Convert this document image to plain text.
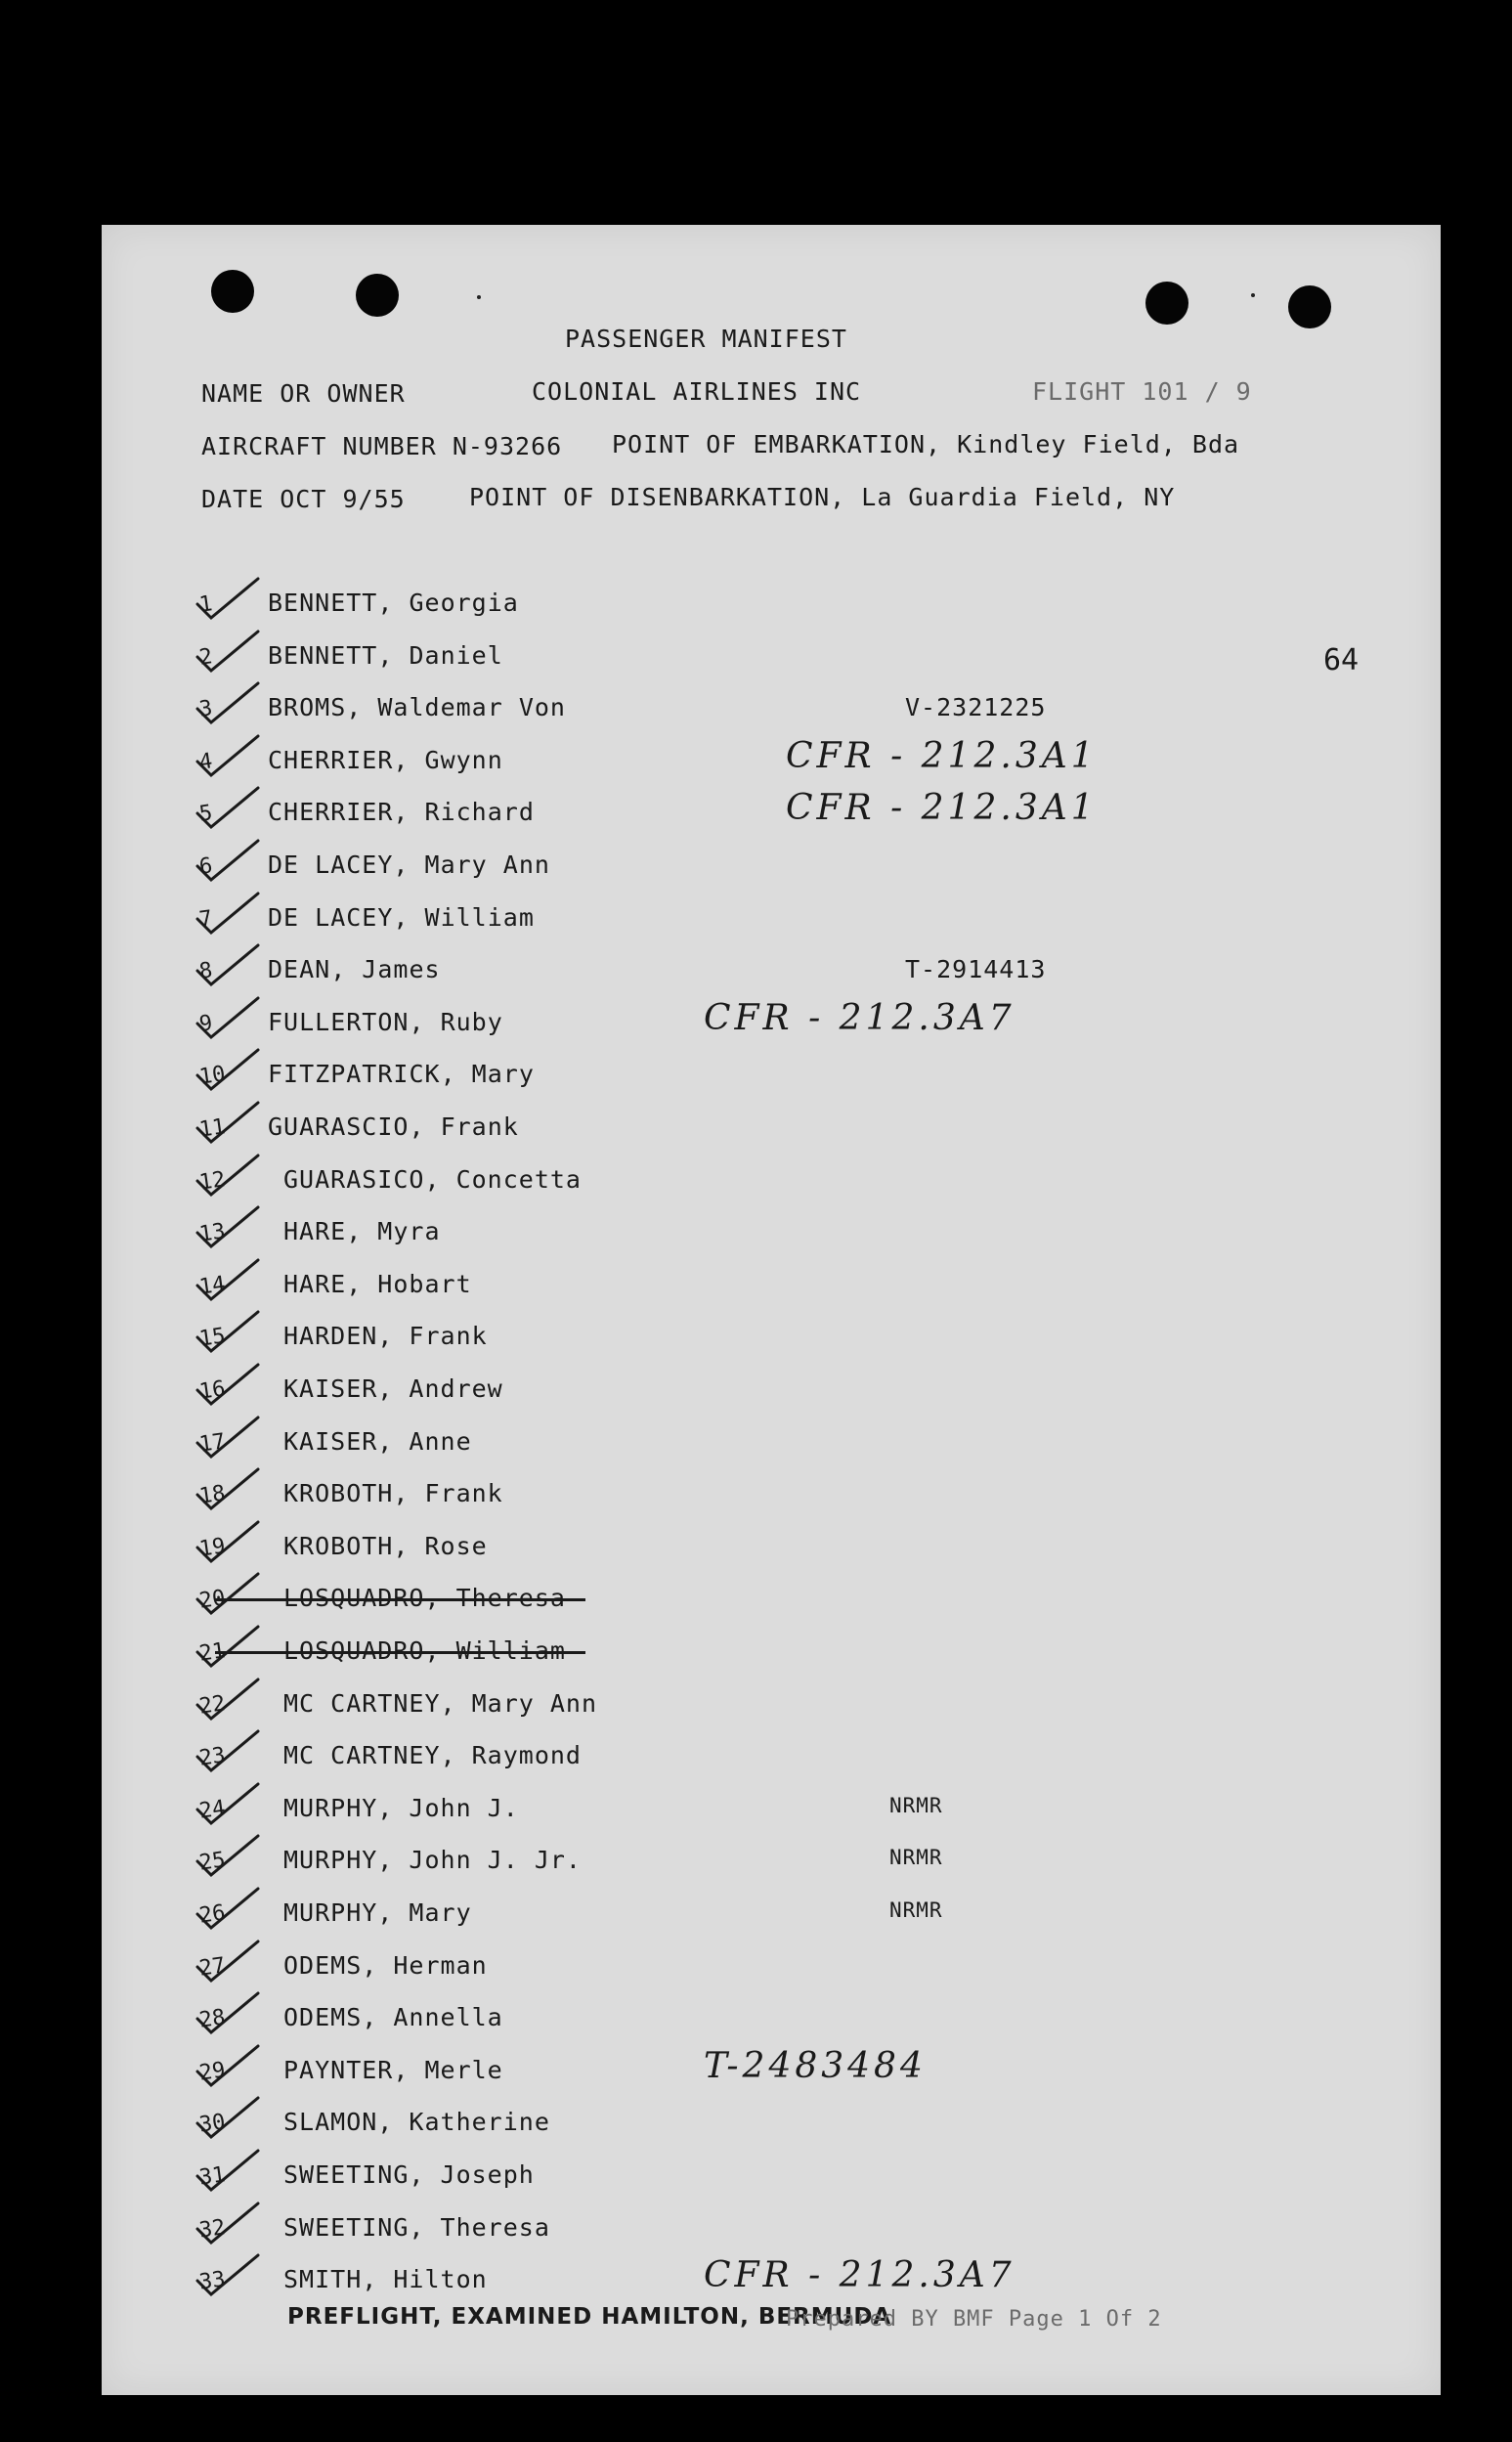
PASSENGER MANIFEST
NAME OR OWNER	COLONIAL AIRLINES INC	FLIGHT 101 / 9
AIRCRAFT NUMBER N-93266 POINT OF EMBARKATION, Kindley Field, Bda
DATE OCT 9/55	POINT OF DISENBARKATION, La Guardia Field, NY
64
1 BENNETT, Georgia
2 BENNETT, Daniel
3 BROMS, Waldemar Von	V-2321225
4 CHERRIER, Gwynn	CFR - 212.3A1
5 CHERRIER, Richard	CFR - 212.3A1
6 DE LACEY, Mary Ann
7 DE LACEY, William
8 DEAN, James	T-2914413
9 FULLERTON, Ruby	CFR - 212.3A7
10 FITZPATRICK, Mary
11 GUARASCIO, Frank
12 GUARASICO, Concetta
13 HARE, Myra
14 HARE, Hobart
15 HARDEN, Frank
16 KAISER, Andrew
17 KAISER, Anne
18 KROBOTH, Frank
19 KROBOTH, Rose
20 LOSQUADRO, Theresa
21 LOSQUADRO, William
22 MC CARTNEY, Mary Ann
23 MC CARTNEY, Raymond
24 MURPHY, John J.	NRMR
25 MURPHY, John J. Jr.	NRMR
26 MURPHY, Mary	NRMR
27 ODEMS, Herman
28 ODEMS, Annella
29 PAYNTER, Merle	T-2483484
30 SLAMON, Katherine
31 SWEETING, Joseph
32 SWEETING, Theresa
33 SMITH, Hilton	CFR - 212.3A7
PREFLIGHT, EXAMINED HAMILTON, BERMUDA
Prepared BY BMF Page 1 Of 2
